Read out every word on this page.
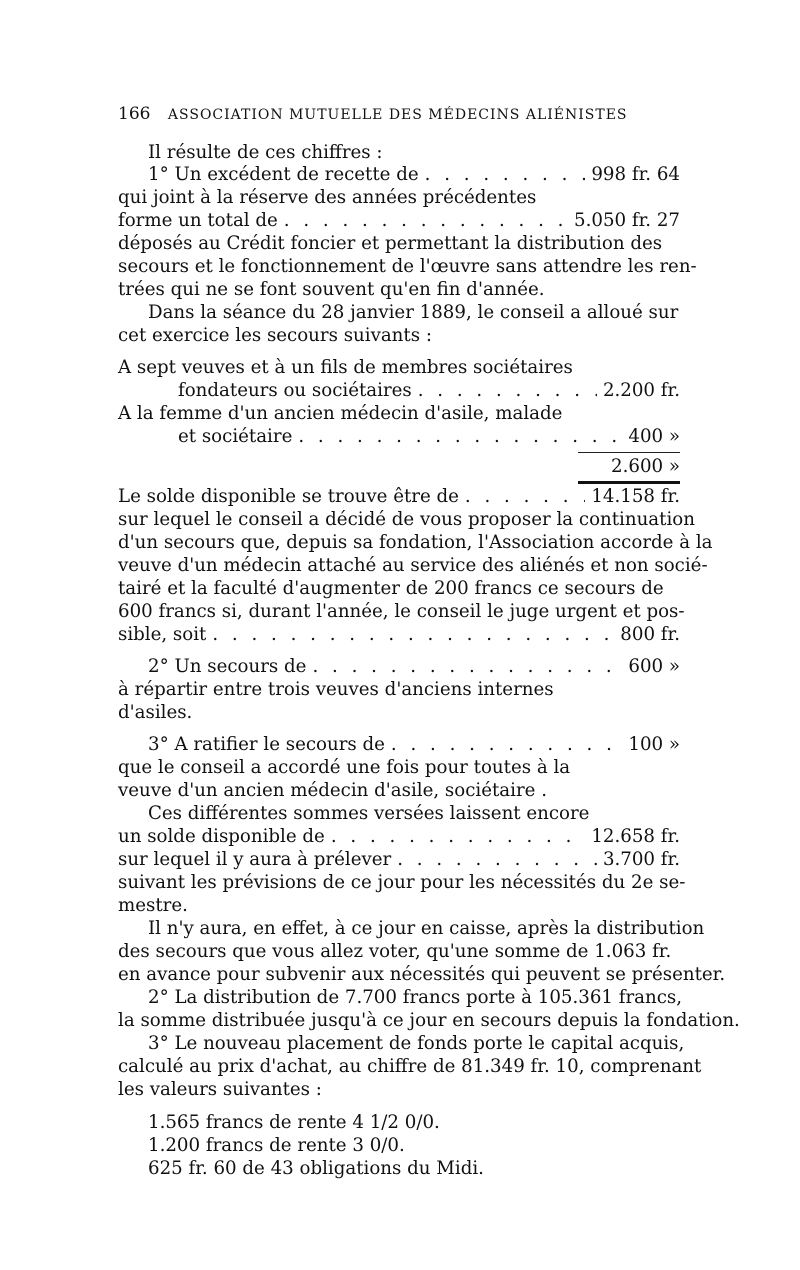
166 ASSOCIATION MUTUELLE DES MÉDECINS ALIÉNISTES
Il résulte de ces chiffres :
1° Un excédent de recette de . . .	998 fr. 64
qui joint à la réserve des années précédentes
forme un total de . . .	5.050 fr. 27
déposés au Crédit foncier et permettant la distribution des
secours et le fonctionnement de l'œuvre sans attendre les ren-
trées qui ne se font souvent qu'en fin d'année.
Dans la séance du 28 janvier 1889, le conseil a alloué sur
cet exercice les secours suivants :
A sept veuves et à un fils de membres sociétaires
fondateurs ou sociétaires . . .	2.200 fr.
A la femme d'un ancien médecin d'asile, malade
et sociétaire . . .	400 »
2.600 »
Le solde disponible se trouve être de . . .	14.158 fr.
sur lequel le conseil a décidé de vous proposer la continuation
d'un secours que, depuis sa fondation, l'Association accorde à la
veuve d'un médecin attaché au service des aliénés et non socié-
tairé et la faculté d'augmenter de 200 francs ce secours de
600 francs si, durant l'année, le conseil le juge urgent et pos-
sible, soit . . .	800 fr.
2° Un secours de . . .	600 »
à répartir entre trois veuves d'anciens internes
d'asiles.
3° A ratifier le secours de . . .	100 »
que le conseil a accordé une fois pour toutes à la
veuve d'un ancien médecin d'asile, sociétaire .
Ces différentes sommes versées laissent encore
un solde disponible de . . .	12.658 fr.
sur lequel il y aura à prélever . . .	3.700 fr.
suivant les prévisions de ce jour pour les nécessités du 2e se-
mestre.
Il n'y aura, en effet, à ce jour en caisse, après la distribution
des secours que vous allez voter, qu'une somme de 1.063 fr.
en avance pour subvenir aux nécessités qui peuvent se présenter.
2° La distribution de 7.700 francs porte à 105.361 francs,
la somme distribuée jusqu'à ce jour en secours depuis la fondation.
3° Le nouveau placement de fonds porte le capital acquis,
calculé au prix d'achat, au chiffre de 81.349 fr. 10, comprenant
les valeurs suivantes :
1.565 francs de rente 4 1/2 0/0.
1.200 francs de rente 3 0/0.
625 fr. 60 de 43 obligations du Midi.
